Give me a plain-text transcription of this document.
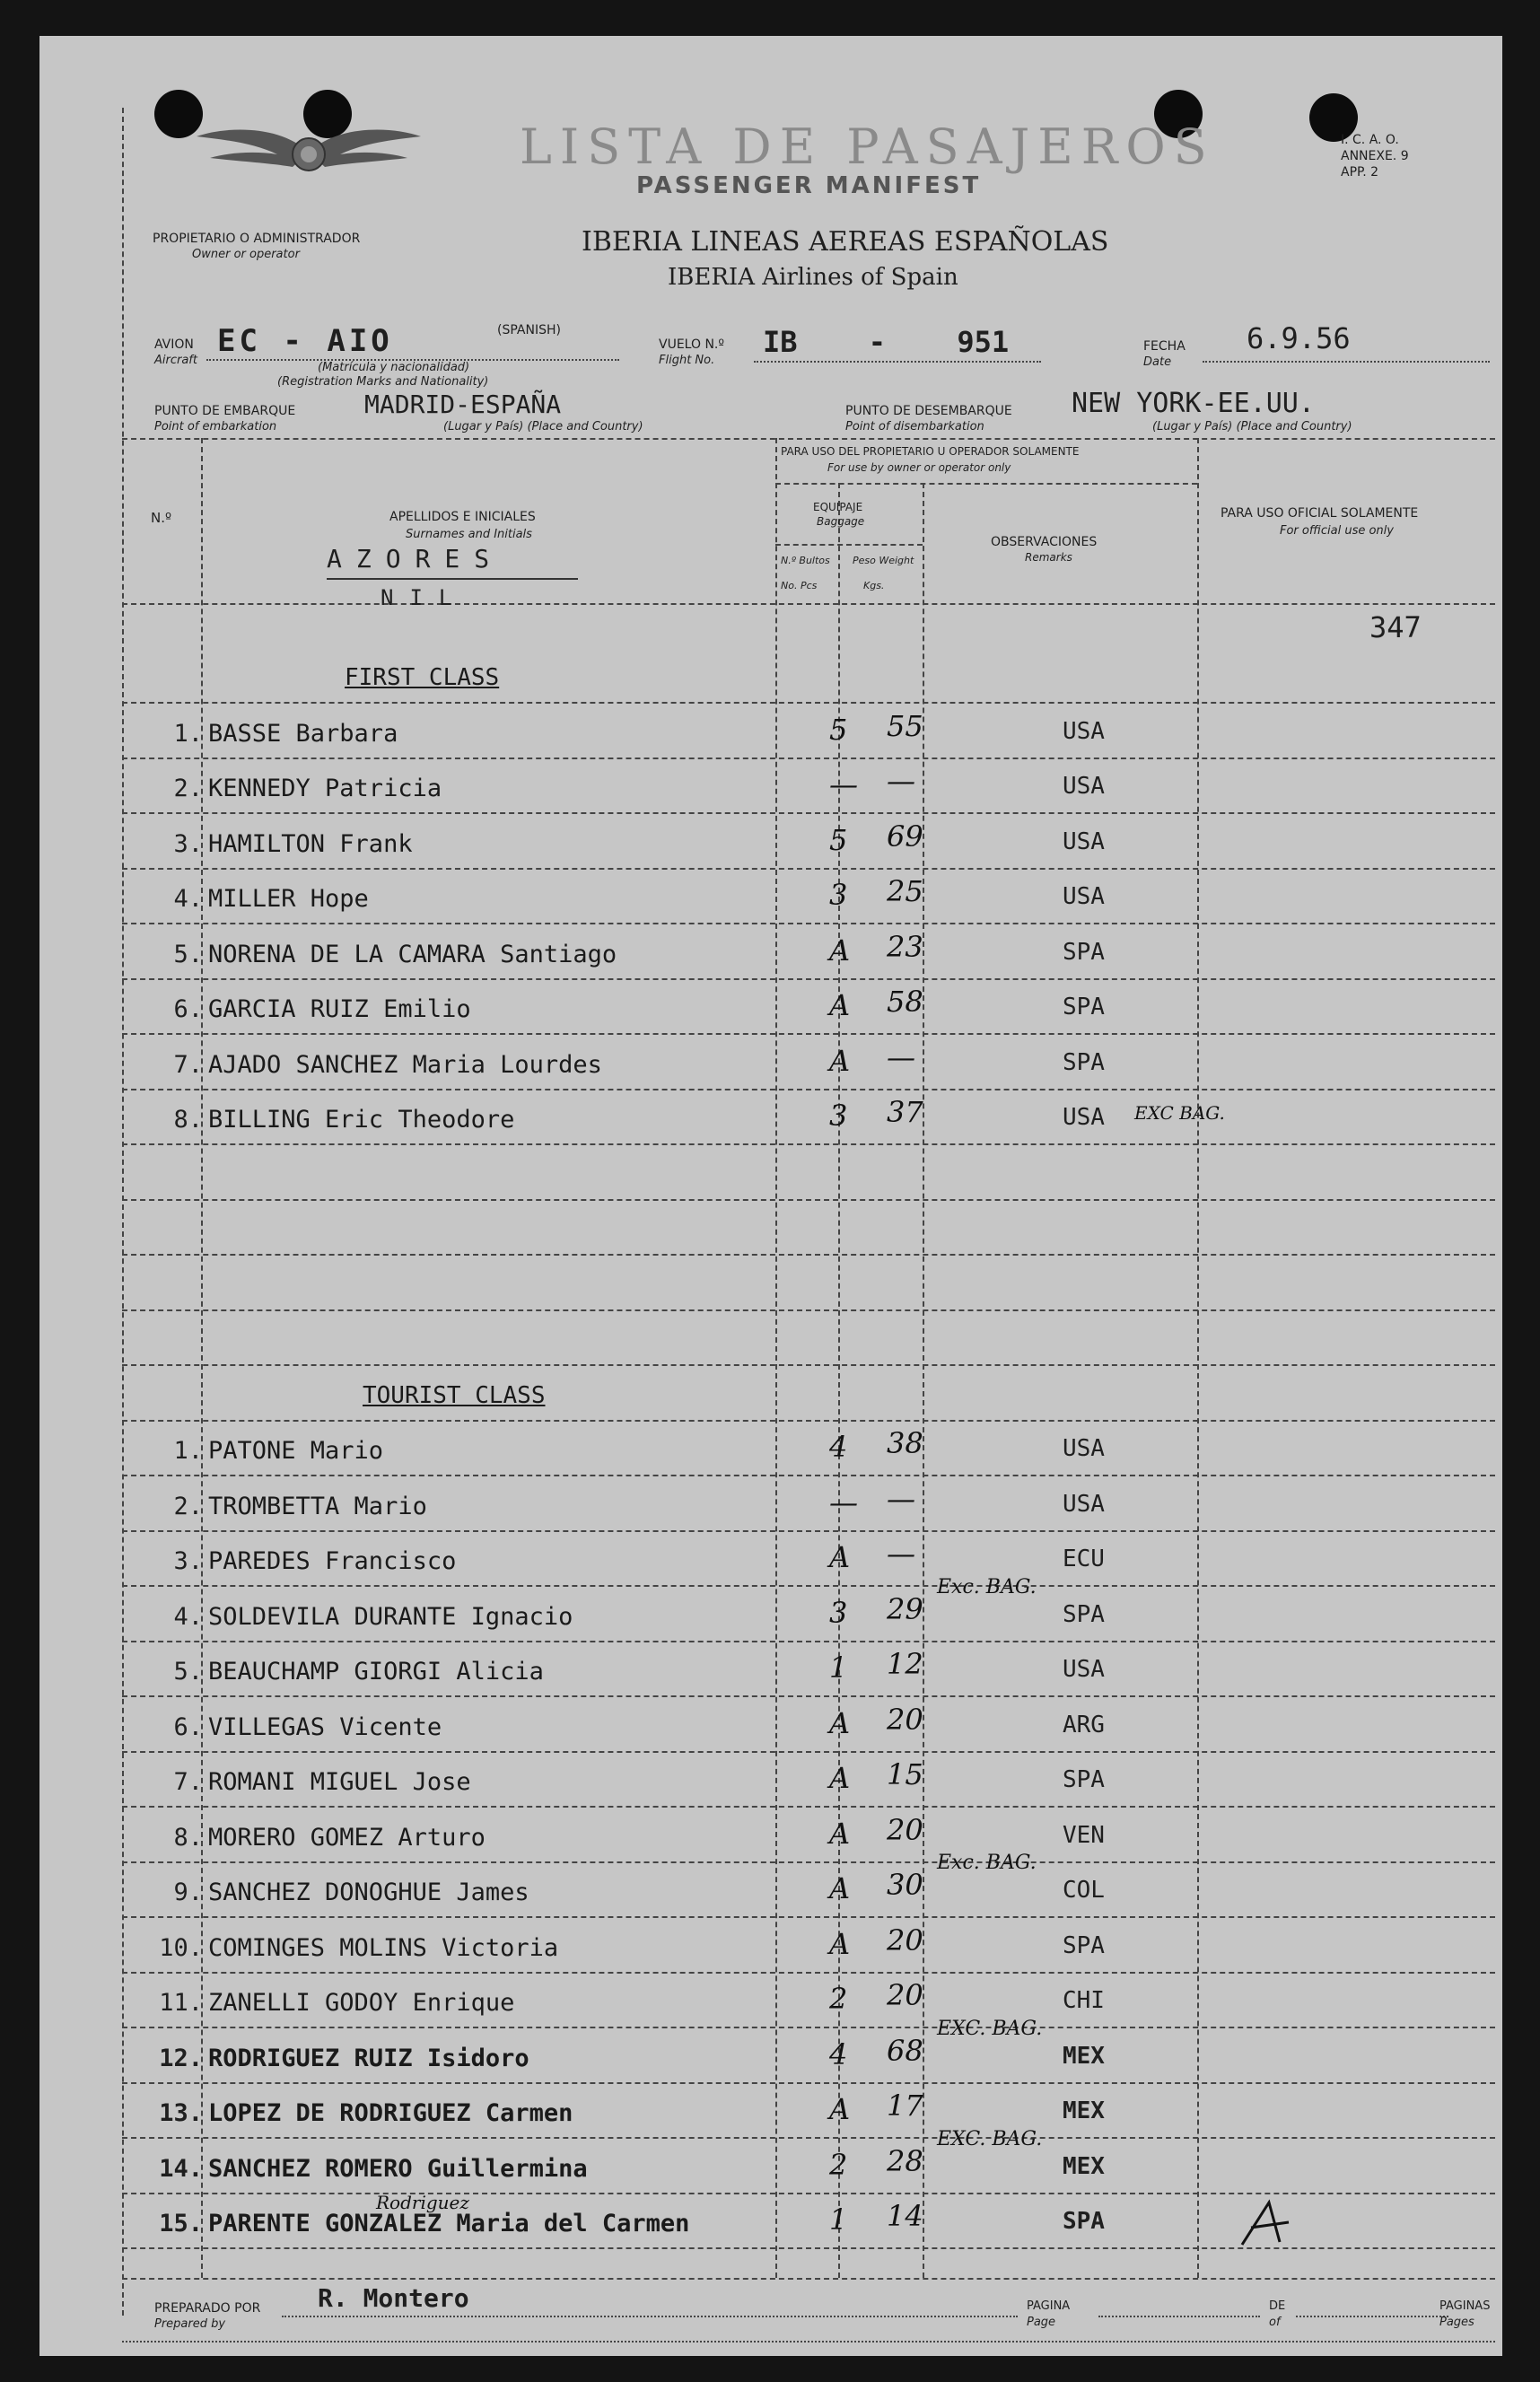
LISTA DE PASAJEROS
PASSENGER MANIFEST
I. C. A. O.
ANNEXE. 9
APP. 2
PROPIETARIO O ADMINISTRADOR
Owner or operator	IBERIA LINEAS AEREAS ESPAÑOLAS
IBERIA Airlines of Spain
AVION
Aircraft
EC - AIO	(SPANISH)
(Matrícula y nacionalidad)
(Registration Marks and Nationality)
VUELO N.º
Flight No.
IB - 951	FECHA
Date
6.9.56
PUNTO DE EMBARQUE
Point of embarkation
MADRID-ESPAÑA
(Lugar y País) (Place and Country)
PUNTO DE DESEMBARQUE
Point of disembarkation
NEW YORK-EE.UU.
(Lugar y País) (Place and Country)
N.º	APELLIDOS E INICIALES
Surnames and Initials
PARA USO DEL PROPIETARIO U OPERADOR SOLAMENTE
For use by owner or operator only
EQUIPAJE
Baggage
N.º Bultos
No. Pcs
Peso Weight
Kgs.
OBSERVACIONES
Remarks
PARA USO OFICIAL SOLAMENTE
For official use only
AZORES
NIL
347
FIRST CLASS
1. BASSE Barbara	5 55	USA
2. KENNEDY Patricia	— —	USA
3. HAMILTON Frank	5 69	USA
4. MILLER Hope	3 25	USA
5. NORENA DE LA CAMARA Santiago	A 23	SPA
6. GARCIA RUIZ Emilio	A 58	SPA
7. AJADO SANCHEZ Maria Lourdes	A —	SPA
8. BILLING Eric Theodore	3 37	USA EXC BAG.
TOURIST CLASS
1. PATONE Mario	4 38	USA
2. TROMBETTA Mario	— —	USA
3. PAREDES Francisco	A —	ECU
4. SOLDEVILA DURANTE Ignacio	3 29	SPA
Exc. BAG.
5. BEAUCHAMP GIORGI Alicia	1 12	USA
6. VILLEGAS Vicente	A 20	ARG
7. ROMANI MIGUEL Jose	A 15	SPA
8. MORERO GOMEZ Arturo	A 20	VEN
9. SANCHEZ DONOGHUE James	A 30	COL
Exc. BAG.
10. COMINGES MOLINS Victoria	A 20	SPA
11. ZANELLI GODOY Enrique	2 20	CHI
12. RODRIGUEZ RUIZ Isidoro	4 68	MEX
EXC. BAG.
13. LOPEZ DE RODRIGUEZ Carmen	A 17	MEX
14. SANCHEZ ROMERO Guillermina	2 28	MEX
EXC. BAG.
15. PARENTE GONZALEZ Maria del Carmen	1 14	SPA
Rodriguez
PREPARADO POR
Prepared by
R. Montero	PAGINA
Page
DE
of
PAGINAS
Pages
